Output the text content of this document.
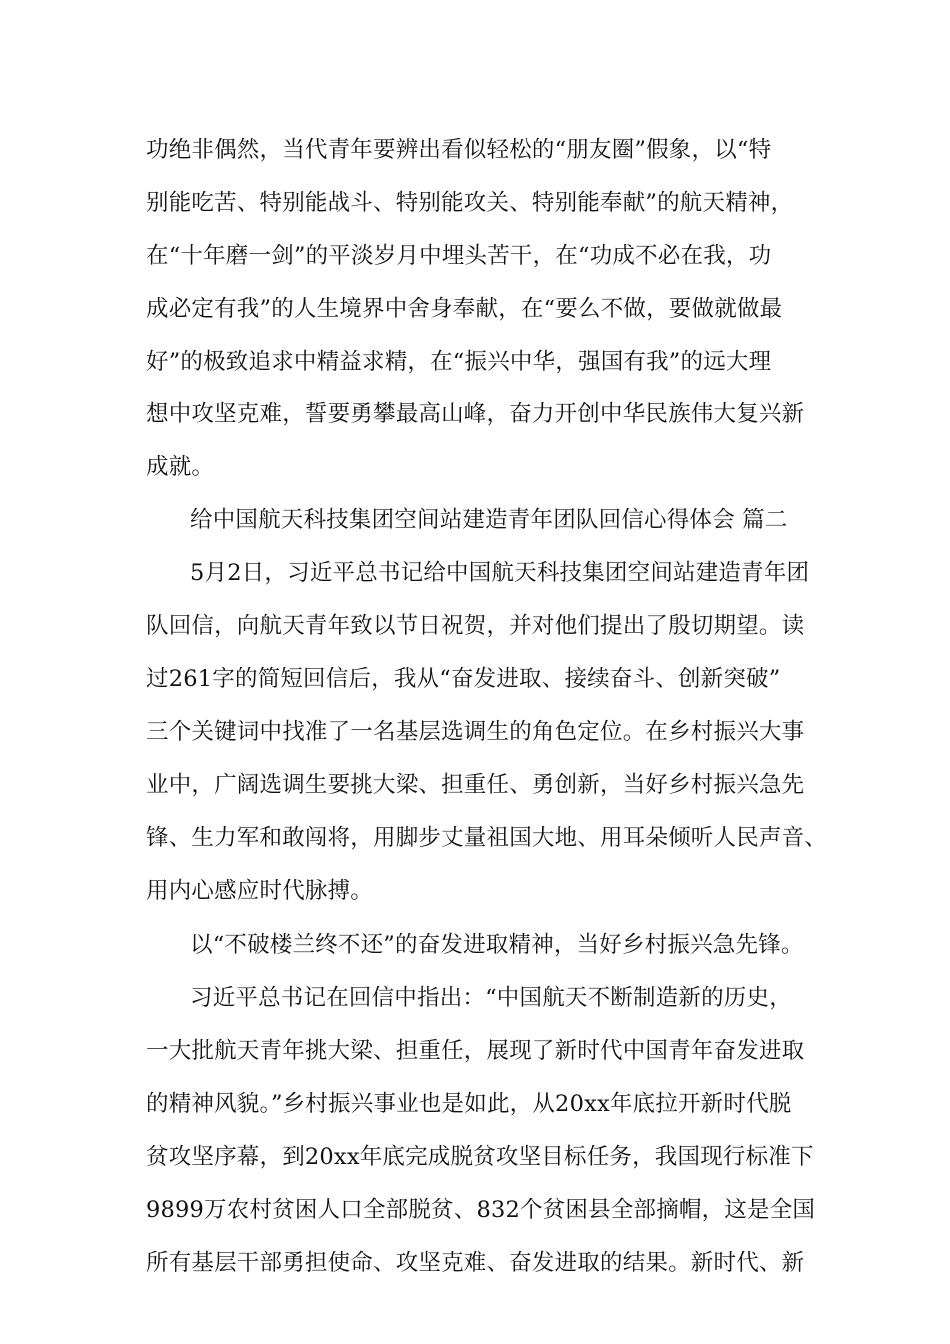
功绝非偶然，当代青年要辨出看似轻松的“朋友圈”假象，以“特
别能吃苦、特别能战斗、特别能攻关、特别能奉献”的航天精神，
在“十年磨一剑”的平淡岁月中埋头苦干，在“功成不必在我，功
成必定有我”的人生境界中舍身奉献，在“要么不做，要做就做最
好”的极致追求中精益求精，在“振兴中华，强国有我”的远大理
想中攻坚克难，誓要勇攀最高山峰，奋力开创中华民族伟大复兴新
成就。
给中国航天科技集团空间站建造青年团队回信心得体会 篇二
5月2日，习近平总书记给中国航天科技集团空间站建造青年团
队回信，向航天青年致以节日祝贺，并对他们提出了殷切期望。读
过261字的简短回信后，我从“奋发进取、接续奋斗、创新突破”
三个关键词中找准了一名基层选调生的角色定位。在乡村振兴大事
业中，广阔选调生要挑大梁、担重任、勇创新，当好乡村振兴急先
锋、生力军和敢闯将，用脚步丈量祖国大地、用耳朵倾听人民声音、
用内心感应时代脉搏。
以“不破楼兰终不还”的奋发进取精神，当好乡村振兴急先锋。
习近平总书记在回信中指出：“中国航天不断制造新的历史，
一大批航天青年挑大梁、担重任，展现了新时代中国青年奋发进取
的精神风貌。”乡村振兴事业也是如此，从20xx年底拉开新时代脱
贫攻坚序幕，到20xx年底完成脱贫攻坚目标任务，我国现行标准下
9899万农村贫困人口全部脱贫、832个贫困县全部摘帽，这是全国
所有基层干部勇担使命、攻坚克难、奋发进取的结果。新时代、新
